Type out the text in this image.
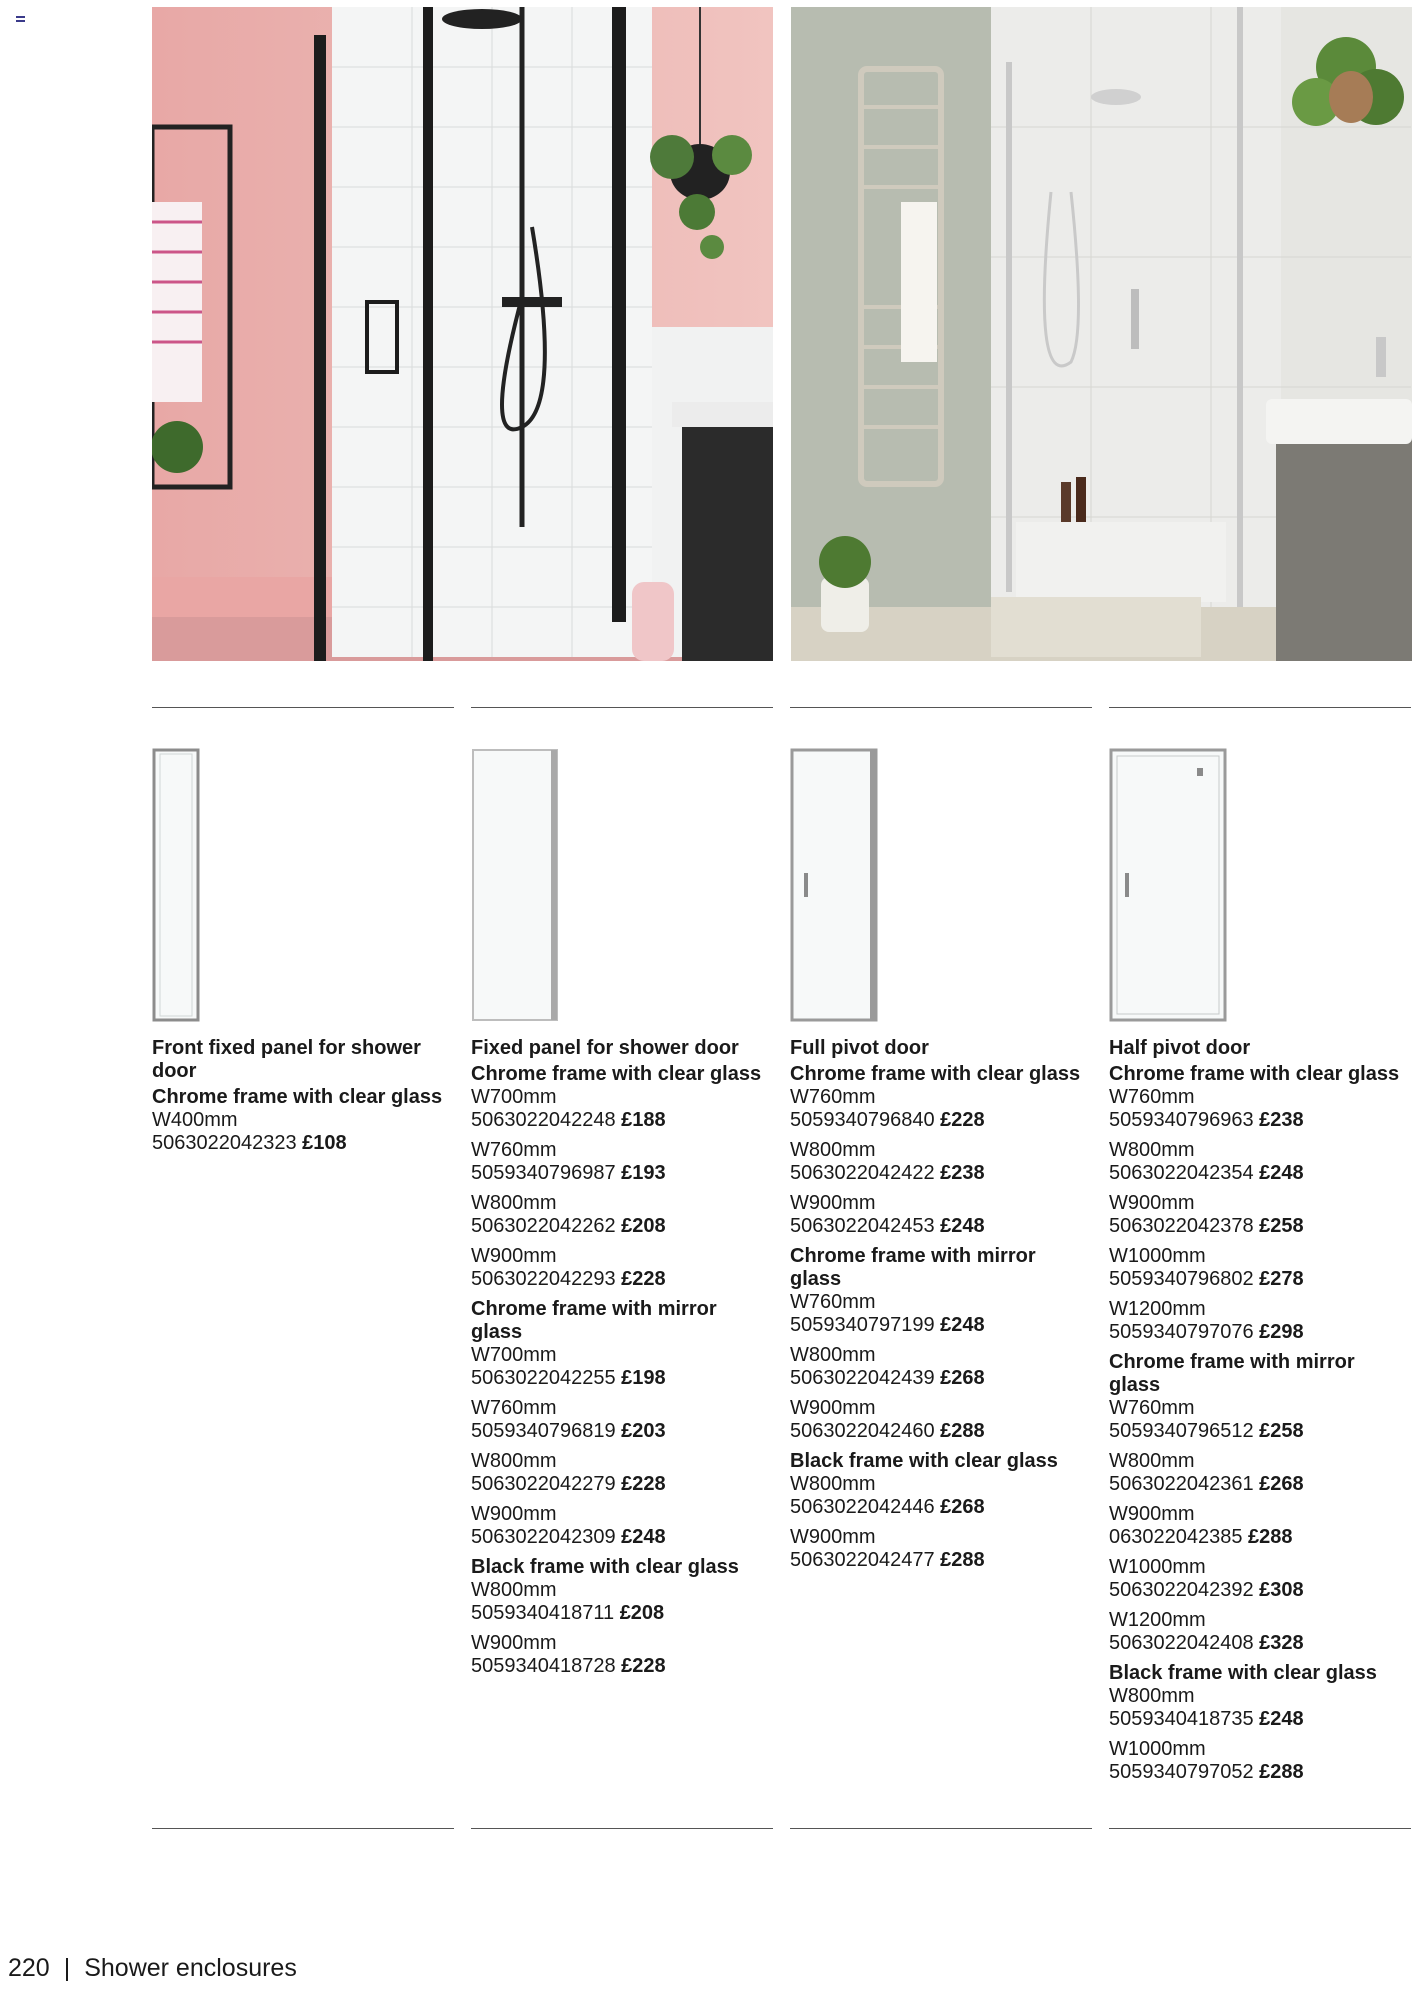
Front fixed panel for shower door
Chrome frame with clear glass
W400mm
5063022042323 £108
Fixed panel for shower door
Chrome frame with clear glass
W700mm
5063022042248 £188
W760mm
5059340796987 £193
W800mm
5063022042262 £208
W900mm
5063022042293 £228
Chrome frame with mirror glass
W700mm
5063022042255 £198
W760mm
5059340796819 £203
W800mm
5063022042279 £228
W900mm
5063022042309 £248
Black frame with clear glass
W800mm
5059340418711 £208
W900mm
5059340418728 £228
Full pivot door
Chrome frame with clear glass
W760mm
5059340796840 £228
W800mm
5063022042422 £238
W900mm
5063022042453 £248
Chrome frame with mirror glass
W760mm
5059340797199 £248
W800mm
5063022042439 £268
W900mm
5063022042460 £288
Black frame with clear glass
W800mm
5063022042446 £268
W900mm
5063022042477 £288
Half pivot door
Chrome frame with clear glass
W760mm
5059340796963 £238
W800mm
5063022042354 £248
W900mm
5063022042378 £258
W1000mm
5059340796802 £278
W1200mm
5059340797076 £298
Chrome frame with mirror glass
W760mm
5059340796512 £258
W800mm
5063022042361 £268
W900mm
063022042385 £288
W1000mm
5063022042392 £308
W1200mm
5063022042408 £328
Black frame with clear glass
W800mm
5059340418735 £248
W1000mm
5059340797052 £288
220 | Shower enclosures
